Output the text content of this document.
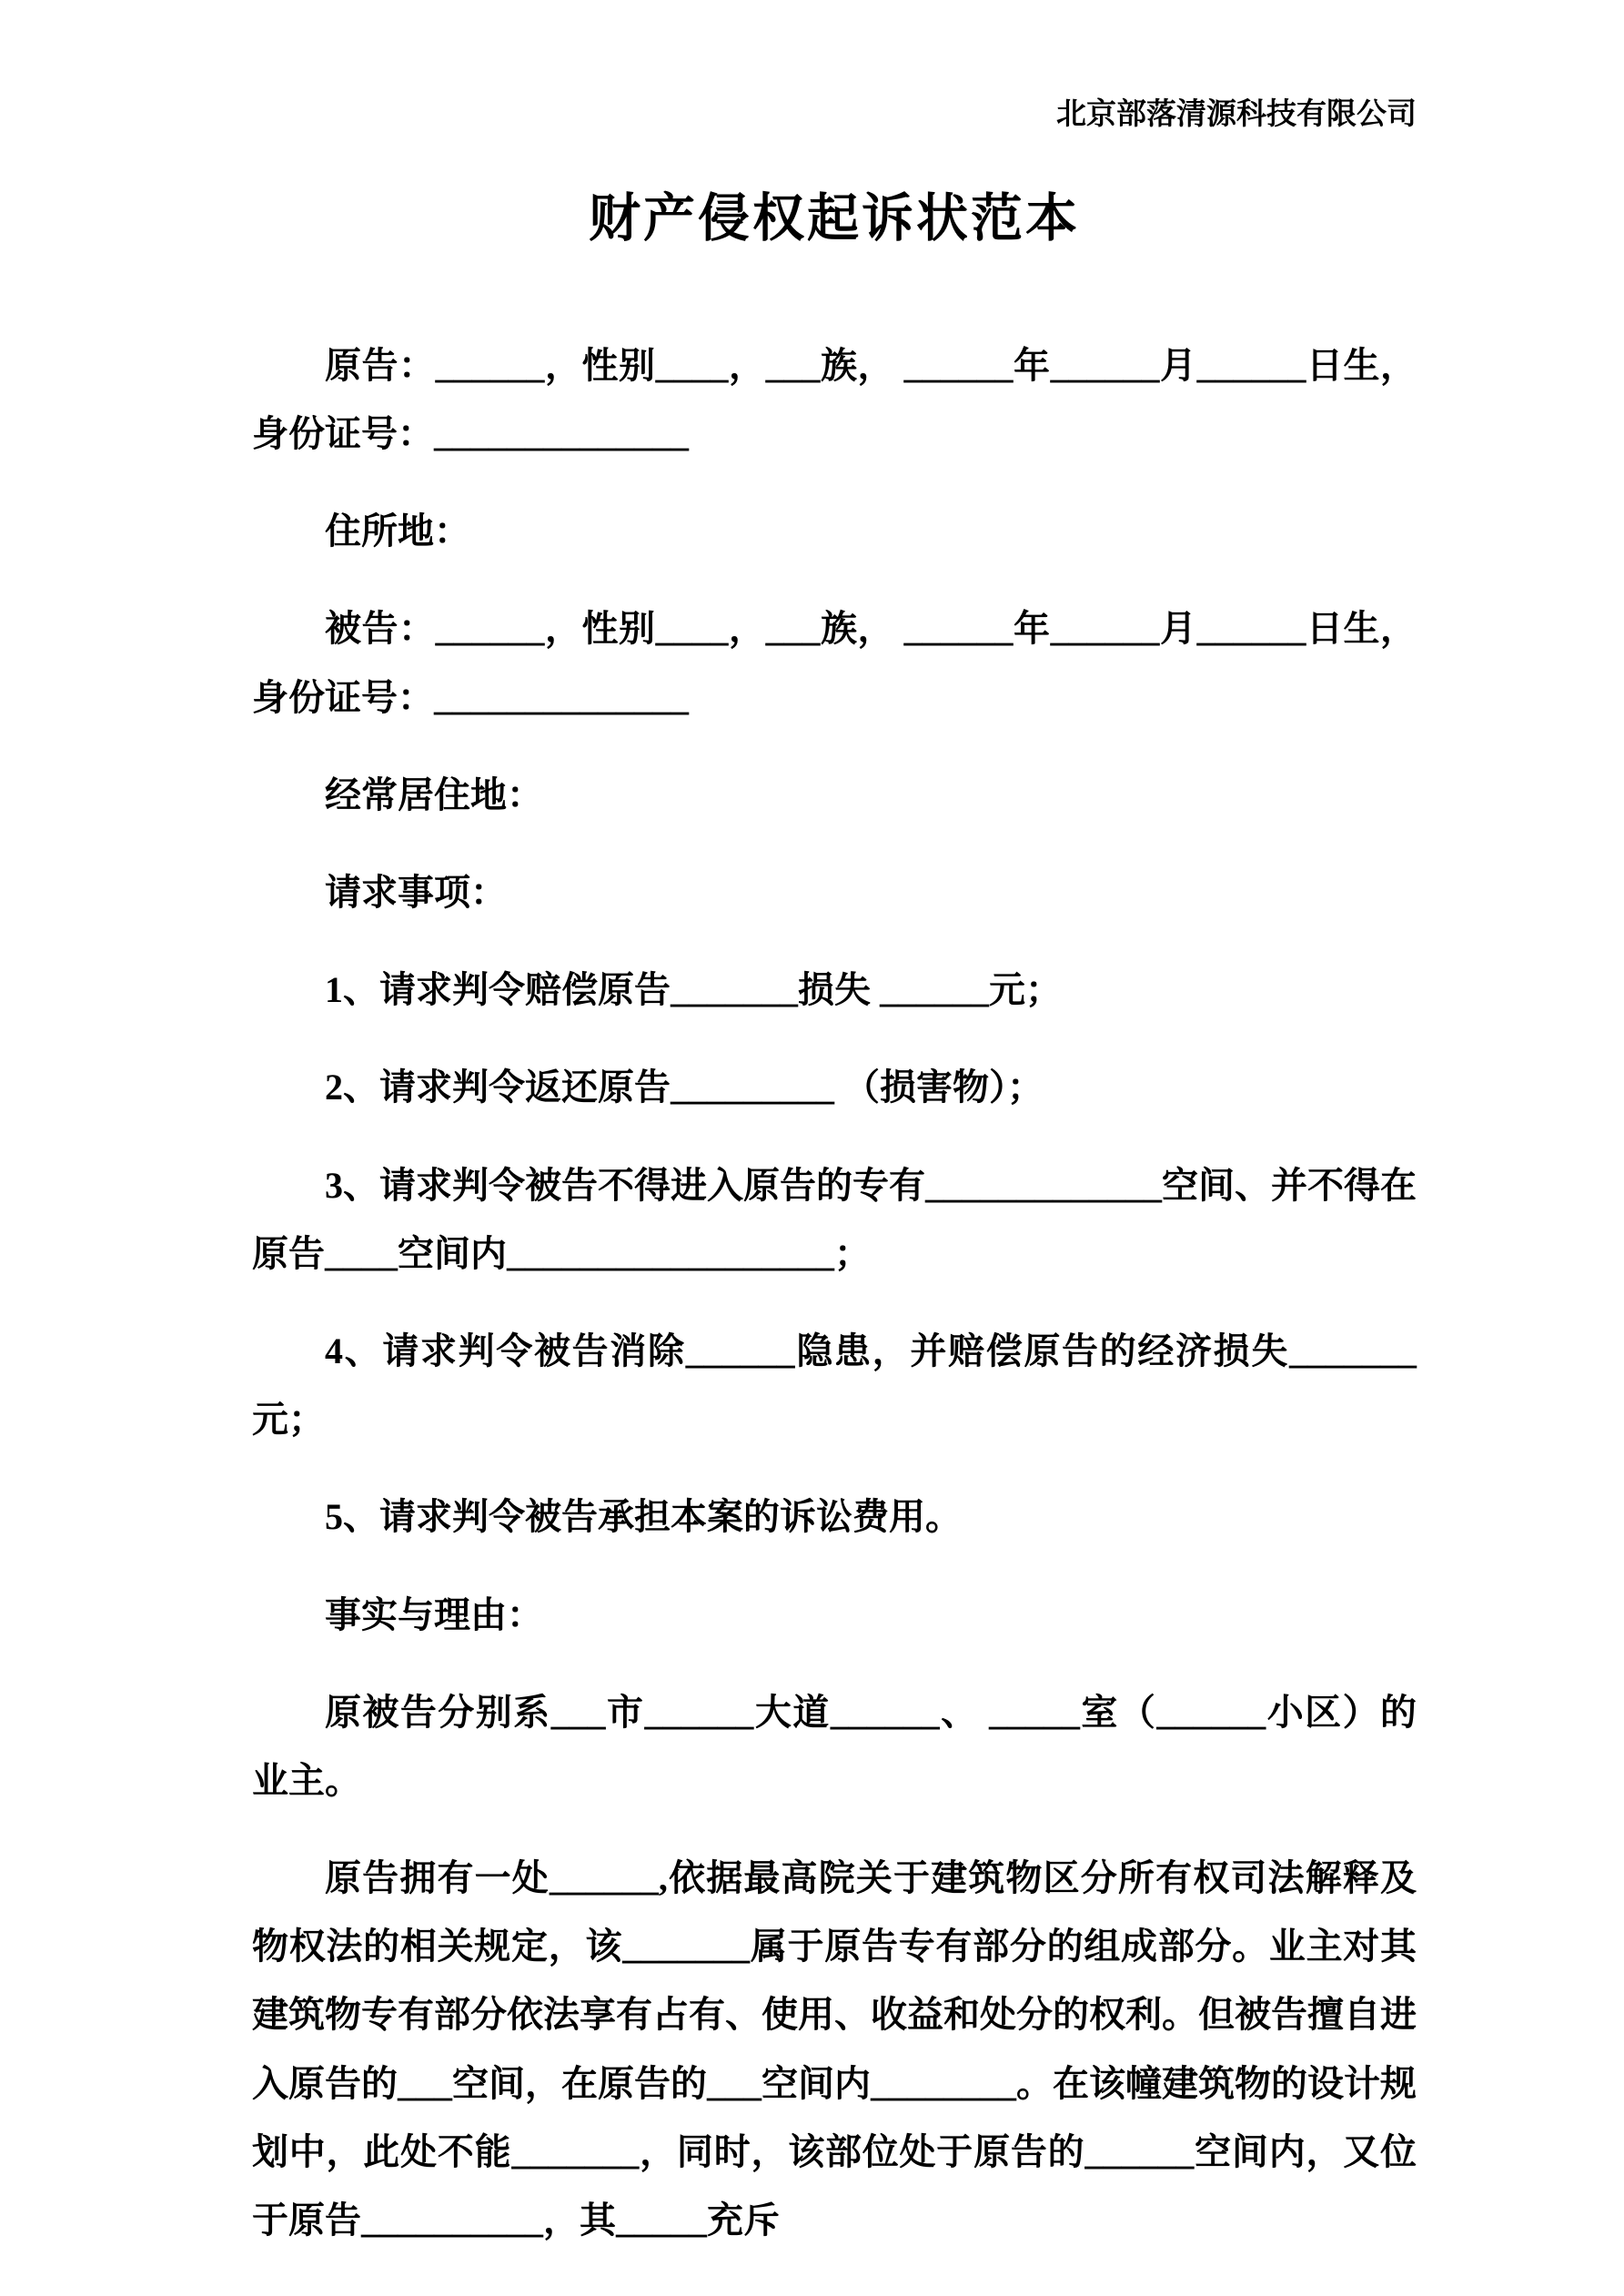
北京部落清源科技有限公司
财产侵权起诉状范本

原告：______，性别____，___族， ______年______月______日生，身份证号：______________

住所地：

被告：______，性别____，___族， ______年______月______日生，身份证号：______________

经常居住地：

请求事项：

1、请求判令赔偿原告_______损失 ______元；

2、请求判令返还原告_________ （损害物）；

3、请求判令被告不得进入原告的专有_____________空间、并不得在原告____空间内__________________；

4、请求判令被告消除______隐患，并赔偿原告的经济损失_______元；

5、请求判令被告承担本案的诉讼费用。

事实与理由：

原被告分别系___市______大道______、 _____室（______小区）的业主。

原告拥有一处______,依据最高院关于建筑物区分所有权司法解释及物权法的相关规定，该_______属于原告专有部分的组成部分。业主对其建筑物专有部分依法享有占有、使用、收益和处分的权利。但被告擅自进入原告的___空间，在原告的___空间内________。在该幢建筑物的设计规划中，此处不能_______，同时，该部位处于原告的______空间内，又位于原告__________，其_____充斥
